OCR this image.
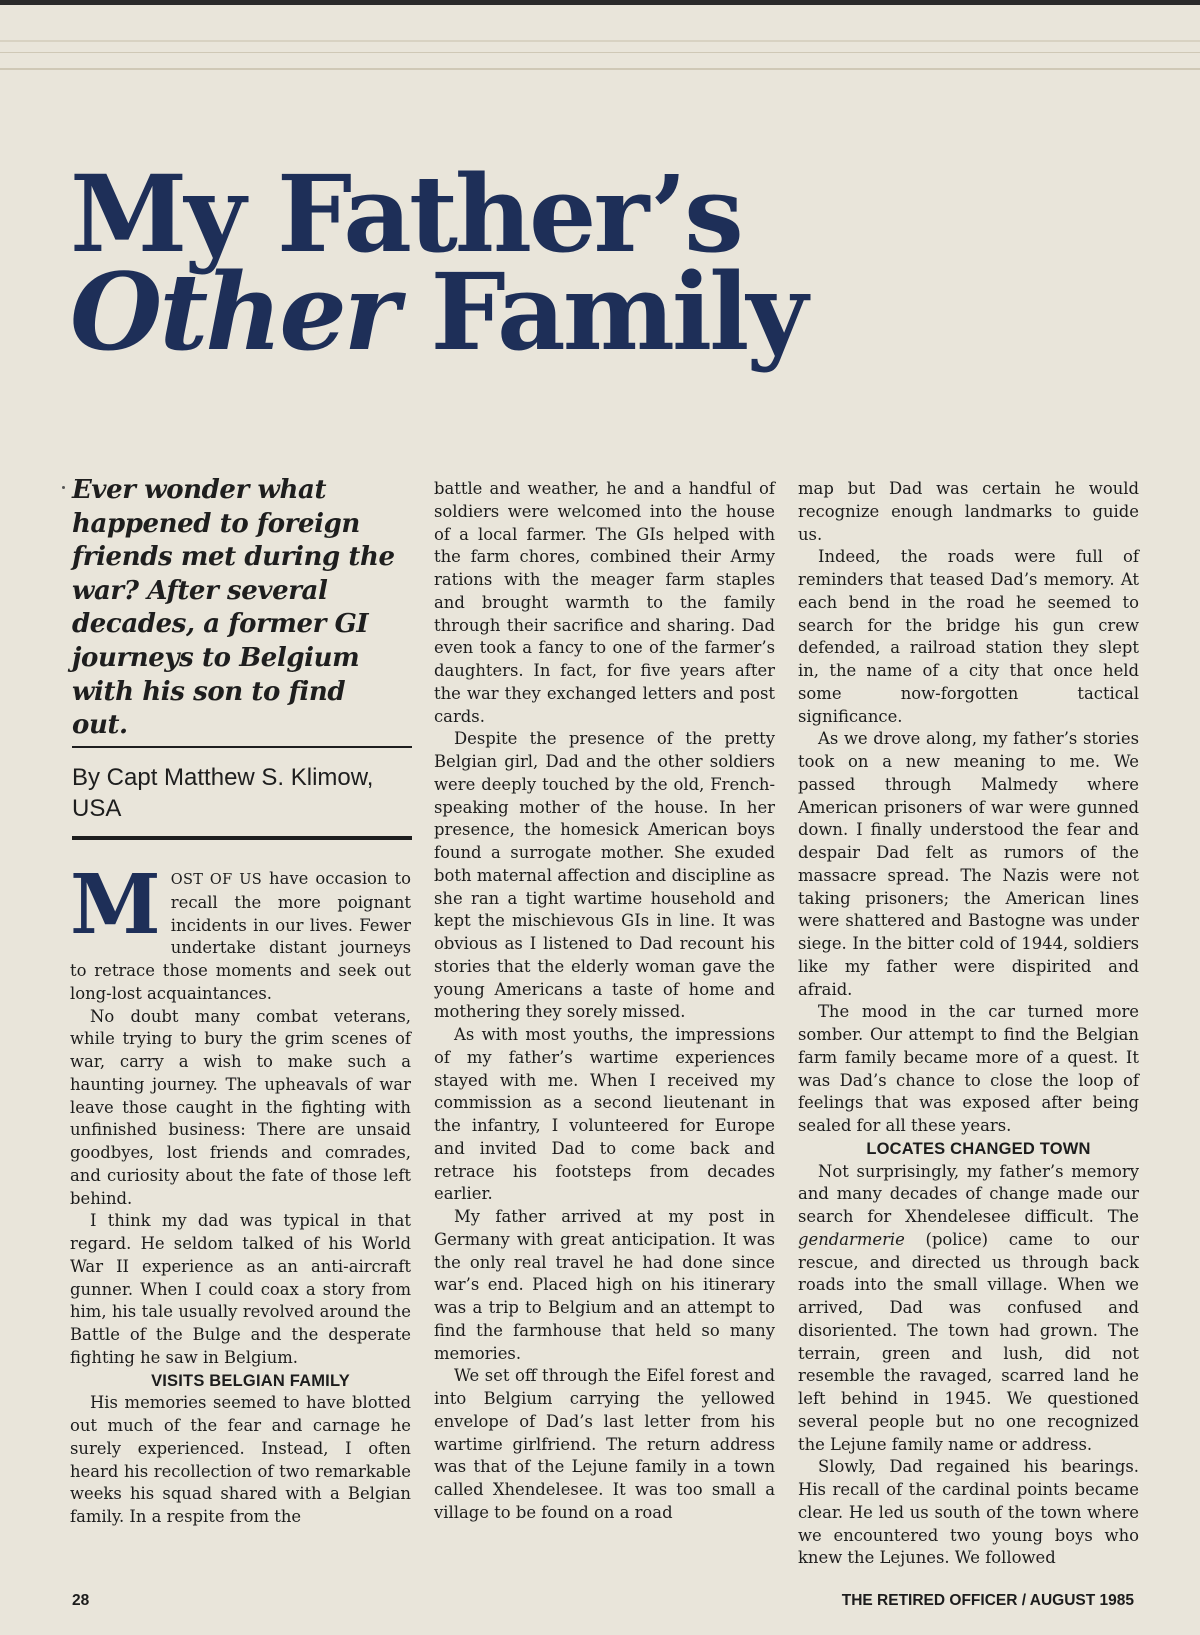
My Father’s
Other Family
Ever wonder what happened to foreign friends met during the war? After several decades, a former GI journeys to Belgium with his son to find out.
By Capt Matthew S. Klimow, USA

MOST OF US have occasion to recall the more poignant incidents in our lives. Fewer undertake distant journeys to retrace those moments and seek out long-lost acquaintances.

No doubt many combat veterans, while trying to bury the grim scenes of war, carry a wish to make such a haunting journey. The upheavals of war leave those caught in the fighting with unfinished business: There are unsaid goodbyes, lost friends and comrades, and curiosity about the fate of those left behind.

I think my dad was typical in that regard. He seldom talked of his World War II experience as an anti-aircraft gunner. When I could coax a story from him, his tale usually revolved around the Battle of the Bulge and the desperate fighting he saw in Belgium.

VISITS BELGIAN FAMILY

His memories seemed to have blotted out much of the fear and carnage he surely experienced. Instead, I often heard his recollection of two remarkable weeks his squad shared with a Belgian family. In a respite from the

battle and weather, he and a handful of soldiers were welcomed into the house of a local farmer. The GIs helped with the farm chores, combined their Army rations with the meager farm staples and brought warmth to the family through their sacrifice and sharing. Dad even took a fancy to one of the farmer’s daughters. In fact, for five years after the war they exchanged letters and post cards.

Despite the presence of the pretty Belgian girl, Dad and the other soldiers were deeply touched by the old, French-speaking mother of the house. In her presence, the homesick American boys found a surrogate mother. She exuded both maternal affection and discipline as she ran a tight wartime household and kept the mischievous GIs in line. It was obvious as I listened to Dad recount his stories that the elderly woman gave the young Americans a taste of home and mothering they sorely missed.

As with most youths, the impressions of my father’s wartime experiences stayed with me. When I received my commission as a second lieutenant in the infantry, I volunteered for Europe and invited Dad to come back and retrace his footsteps from decades earlier.

My father arrived at my post in Germany with great anticipation. It was the only real travel he had done since war’s end. Placed high on his itinerary was a trip to Belgium and an attempt to find the farmhouse that held so many memories.

We set off through the Eifel forest and into Belgium carrying the yellowed envelope of Dad’s last letter from his wartime girlfriend. The return address was that of the Lejune family in a town called Xhendelesee. It was too small a village to be found on a road

map but Dad was certain he would recognize enough landmarks to guide us.

Indeed, the roads were full of reminders that teased Dad’s memory. At each bend in the road he seemed to search for the bridge his gun crew defended, a railroad station they slept in, the name of a city that once held some now-forgotten tactical significance.

As we drove along, my father’s stories took on a new meaning to me. We passed through Malmedy where American prisoners of war were gunned down. I finally understood the fear and despair Dad felt as rumors of the massacre spread. The Nazis were not taking prisoners; the American lines were shattered and Bastogne was under siege. In the bitter cold of 1944, soldiers like my father were dispirited and afraid.

The mood in the car turned more somber. Our attempt to find the Belgian farm family became more of a quest. It was Dad’s chance to close the loop of feelings that was exposed after being sealed for all these years.

LOCATES CHANGED TOWN

Not surprisingly, my father’s memory and many decades of change made our search for Xhendelesee difficult. The gendarmerie (police) came to our rescue, and directed us through back roads into the small village. When we arrived, Dad was confused and disoriented. The town had grown. The terrain, green and lush, did not resemble the ravaged, scarred land he left behind in 1945. We questioned several people but no one recognized the Lejune family name or address.

Slowly, Dad regained his bearings. His recall of the cardinal points became clear. He led us south of the town where we encountered two young boys who knew the Lejunes. We followed

28	THE RETIRED OFFICER / AUGUST 1985
